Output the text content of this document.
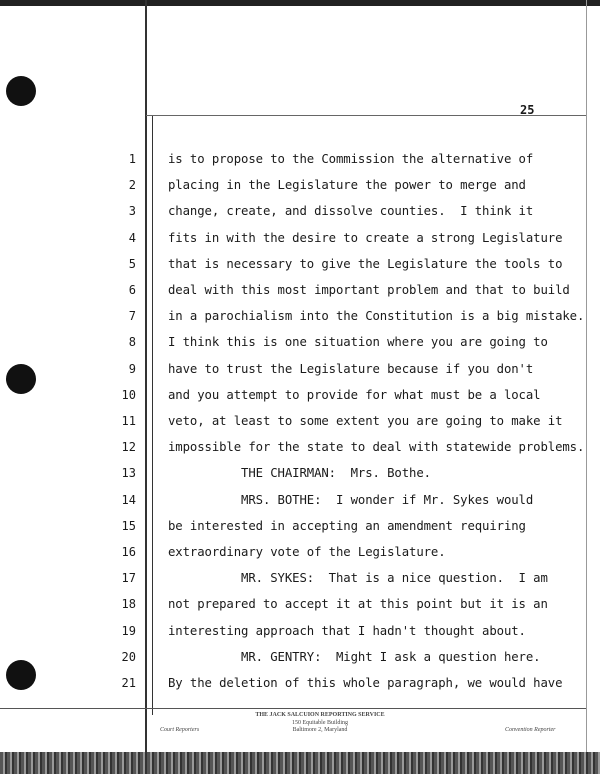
25
1	is to propose to the Commission the alternative of
2	placing in the Legislature the power to merge and
3	change, create, and dissolve counties.  I think it
4	fits in with the desire to create a strong Legislature
5	that is necessary to give the Legislature the tools to
6	deal with this most important problem and that to build
7	in a parochialism into the Constitution is a big mistake.
8	I think this is one situation where you are going to
9	have to trust the Legislature because if you don't
10	and you attempt to provide for what must be a local
11	veto, at least to some extent you are going to make it
12	impossible for the state to deal with statewide problems.
13	THE CHAIRMAN:  Mrs. Bothe.
14	MRS. BOTHE:  I wonder if Mr. Sykes would
15	be interested in accepting an amendment requiring
16	extraordinary vote of the Legislature.
17	MR. SYKES:  That is a nice question.  I am
18	not prepared to accept it at this point but it is an
19	interesting approach that I hadn't thought about.
20	MR. GENTRY:  Might I ask a question here.
21	By the deletion of this whole paragraph, we would have
THE JACK SALCUION REPORTING SERVICE
150 Equitable Building
Baltimore 2, Maryland
Court Reporters	Convention Reporter
